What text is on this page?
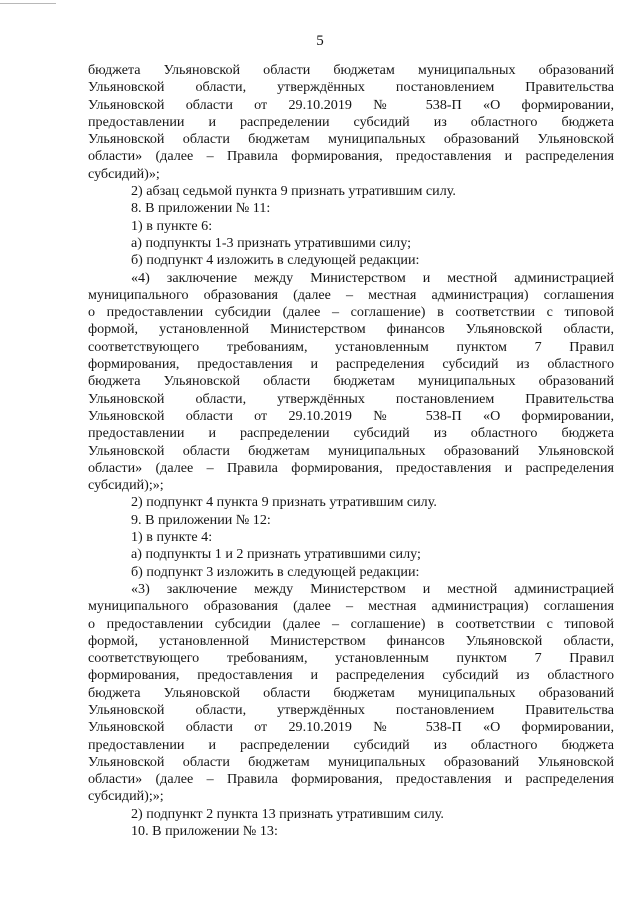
5
бюджета Ульяновской области бюджетам муниципальных образований
Ульяновской области, утверждённых постановлением Правительства
Ульяновской области от 29.10.2019 № 538-П «О формировании,
предоставлении и распределении субсидий из областного бюджета
Ульяновской области бюджетам муниципальных образований Ульяновской
области» (далее – Правила формирования, предоставления и распределения
субсидий)»;
2) абзац седьмой пункта 9 признать утратившим силу.
8. В приложении № 11:
1) в пункте 6:
а) подпункты 1-3 признать утратившими силу;
б) подпункт 4 изложить в следующей редакции:
«4) заключение между Министерством и местной администрацией
муниципального образования (далее – местная администрация) соглашения
о предоставлении субсидии (далее – соглашение) в соответствии с типовой
формой, установленной Министерством финансов Ульяновской области,
соответствующего требованиям, установленным пунктом 7 Правил
формирования, предоставления и распределения субсидий из областного
бюджета Ульяновской области бюджетам муниципальных образований
Ульяновской области, утверждённых постановлением Правительства
Ульяновской области от 29.10.2019 № 538-П «О формировании,
предоставлении и распределении субсидий из областного бюджета
Ульяновской области бюджетам муниципальных образований Ульяновской
области» (далее – Правила формирования, предоставления и распределения
субсидий);»;
2) подпункт 4 пункта 9 признать утратившим силу.
9. В приложении № 12:
1) в пункте 4:
а) подпункты 1 и 2 признать утратившими силу;
б) подпункт 3 изложить в следующей редакции:
«3) заключение между Министерством и местной администрацией
муниципального образования (далее – местная администрация) соглашения
о предоставлении субсидии (далее – соглашение) в соответствии с типовой
формой, установленной Министерством финансов Ульяновской области,
соответствующего требованиям, установленным пунктом 7 Правил
формирования, предоставления и распределения субсидий из областного
бюджета Ульяновской области бюджетам муниципальных образований
Ульяновской области, утверждённых постановлением Правительства
Ульяновской области от 29.10.2019 № 538-П «О формировании,
предоставлении и распределении субсидий из областного бюджета
Ульяновской области бюджетам муниципальных образований Ульяновской
области» (далее – Правила формирования, предоставления и распределения
субсидий);»;
2) подпункт 2 пункта 13 признать утратившим силу.
10. В приложении № 13:
